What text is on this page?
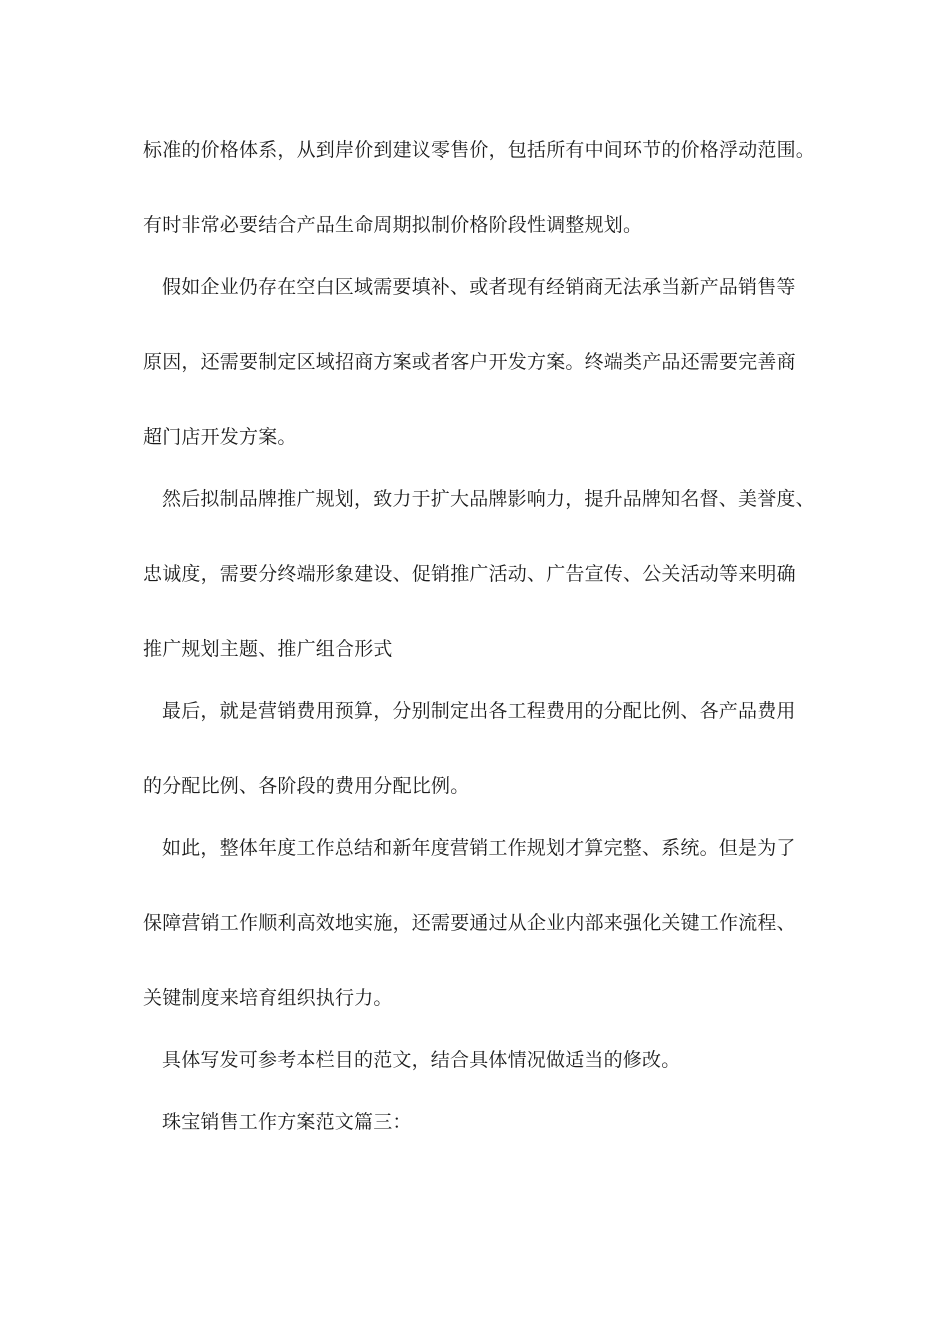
标准的价格体系，从到岸价到建议零售价，包括所有中间环节的价格浮动范围。
有时非常必要结合产品生命周期拟制价格阶段性调整规划。
假如企业仍存在空白区域需要填补、或者现有经销商无法承当新产品销售等
原因，还需要制定区域招商方案或者客户开发方案。终端类产品还需要完善商
超门店开发方案。
然后拟制品牌推广规划，致力于扩大品牌影响力，提升品牌知名督、美誉度、
忠诚度，需要分终端形象建设、促销推广活动、广告宣传、公关活动等来明确
推广规划主题、推广组合形式
最后，就是营销费用预算，分别制定出各工程费用的分配比例、各产品费用
的分配比例、各阶段的费用分配比例。
如此，整体年度工作总结和新年度营销工作规划才算完整、系统。但是为了
保障营销工作顺利高效地实施，还需要通过从企业内部来强化关键工作流程、
关键制度来培育组织执行力。
具体写发可参考本栏目的范文，结合具体情况做适当的修改。
珠宝销售工作方案范文篇三：
